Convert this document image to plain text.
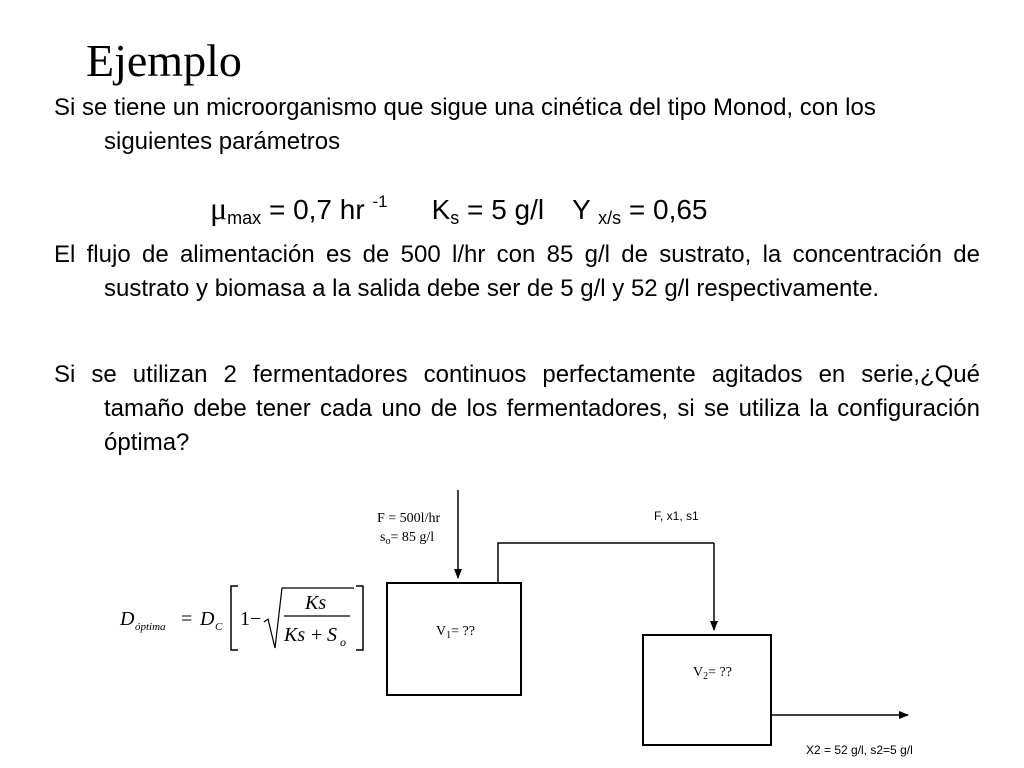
Ejemplo
Si se tiene un microorganismo que sigue una cinética del tipo Monod, con los siguientes parámetros
$\mu_{max} = 0,7$ hr $^{-1}$ $K_s = 5$ g/l Y $_{x/s}$ = 0,65
El flujo de alimentación es de 500 l/hr con 85 g/l de sustrato, la concentración de sustrato y biomasa a la salida debe ser de 5 g/l y 52 g/l respectivamente.
Si se utilizan 2 fermentadores continuos perfectamente agitados en serie,¿Qué tamaño debe tener cada uno de los fermentadores, si se utiliza la configuración óptima?
F = 500l/hr
$s_o= 85$ g/l
F, x1, s1
$V_1=$ ??
$V_2=$ ??
X2 = 52 g/l, s2=5 g/l
D óptima = D C 1−
Ks
Ks + S o
